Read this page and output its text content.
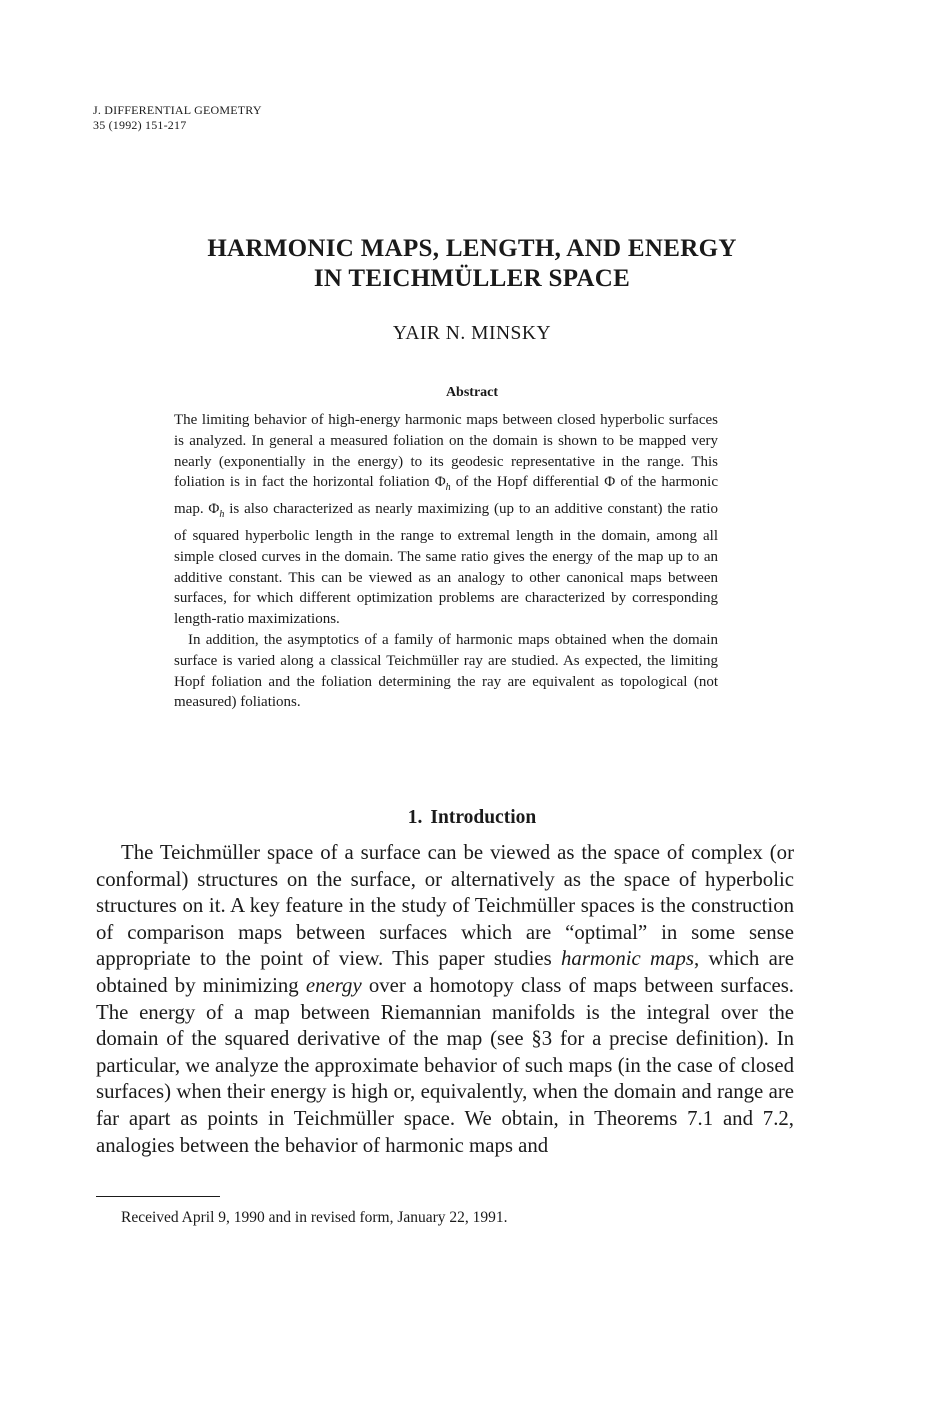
J. DIFFERENTIAL GEOMETRY
35 (1992) 151-217
HARMONIC MAPS, LENGTH, AND ENERGY
IN TEICHMÜLLER SPACE
YAIR N. MINSKY
Abstract

The limiting behavior of high-energy harmonic maps between closed hyperbolic surfaces is analyzed. In general a measured foliation on the domain is shown to be mapped very nearly (exponentially in the energy) to its geodesic representative in the range. This foliation is in fact the horizontal foliation $\Phi_h$ of the Hopf differential Φ of the harmonic map. $\Phi_h$ is also characterized as nearly maximizing (up to an additive constant) the ratio of squared hyperbolic length in the range to extremal length in the domain, among all simple closed curves in the domain. The same ratio gives the energy of the map up to an additive constant. This can be viewed as an analogy to other canonical maps between surfaces, for which different optimization problems are characterized by corresponding length-ratio maximizations.

In addition, the asymptotics of a family of harmonic maps obtained when the domain surface is varied along a classical Teichmüller ray are studied. As expected, the limiting Hopf foliation and the foliation determining the ray are equivalent as topological (not measured) foliations.

1. Introduction

The Teichmüller space of a surface can be viewed as the space of complex (or conformal) structures on the surface, or alternatively as the space of hyperbolic structures on it. A key feature in the study of Teichmüller spaces is the construction of comparison maps between surfaces which are “optimal” in some sense appropriate to the point of view. This paper studies harmonic maps, which are obtained by minimizing energy over a homotopy class of maps between surfaces. The energy of a map between Riemannian manifolds is the integral over the domain of the squared derivative of the map (see §3 for a precise definition). In particular, we analyze the approximate behavior of such maps (in the case of closed surfaces) when their energy is high or, equivalently, when the domain and range are far apart as points in Teichmüller space. We obtain, in Theorems 7.1 and 7.2, analogies between the behavior of harmonic maps and

Received April 9, 1990 and in revised form, January 22, 1991.
